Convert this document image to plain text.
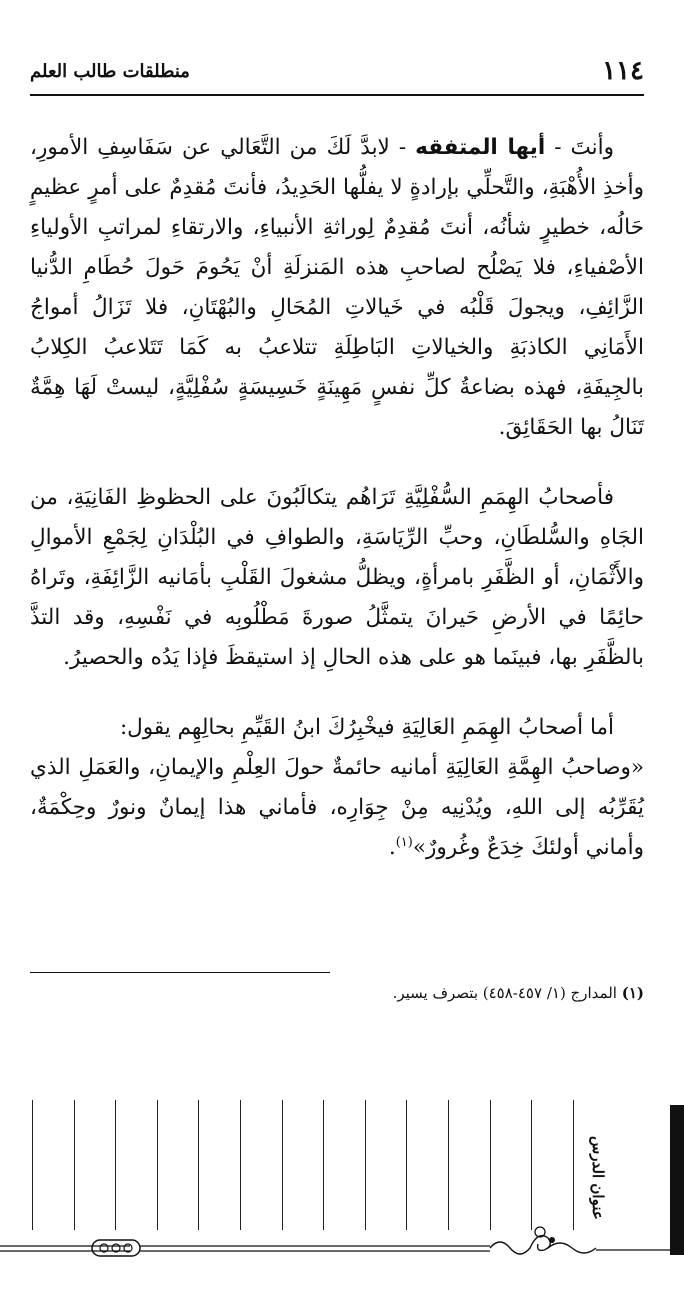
١١٤
منطلقات طالب العلم

وأنتَ - أيها المتفقه - لابدَّ لَكَ من التَّعَالي عن سَفَاسِفِ الأمورِ، وأخذِ الأُهْبَةِ، والتَّحلِّي بإرادةٍ لا يفلُّها الحَدِيدُ، فأنتَ مُقدِمٌ على أمرٍ عظيمٍ حَالُه، خطيرٍ شأنُه، أنتَ مُقدِمٌ لِوراثةِ الأنبياءِ، والارتقاءِ لمراتبِ الأولياءِ الأصْفياءِ، فلا يَصْلُح لصاحبِ هذه المَنزلَةِ أنْ يَحُومَ حَولَ حُطَامِ الدُّنيا الزَّائِفِ، ويجولَ قَلْبُه في خَيالاتِ المُحَالِ والبُهْتَانِ، فلا تَزَالُ أمواجُ الأَمَانِي الكاذبَةِ والخيالاتِ البَاطِلَةِ تتلاعبُ به كَمَا تَتَلاعبُ الكِلابُ بالجِيفَةِ، فهذه بضاعةُ كلِّ نفسٍ مَهِينَةٍ خَسِيسَةٍ سُفْلِيَّةٍ، ليستْ لَهَا هِمَّةٌ تَنَالُ بها الحَقَائِقَ.

فأصحابُ الهِمَمِ السُّفْلِيَّةِ تَرَاهُم يتكالَبُونَ على الحظوظِ الفَانِيَةِ، من الجَاهِ والسُّلطَانِ، وحبِّ الرِّيَاسَةِ، والطوافِ في البُلْدَانِ لِجَمْعِ الأموالِ والأَثْمَانِ، أو الظَّفَرِ بامرأةٍ، ويظلُّ مشغولَ القَلْبِ بأمَانيه الزَّائِفَةِ، وتَراهُ حائِمًا في الأرضِ حَيرانَ يتمثَّلُ صورةَ مَطْلُوبِه في نَفْسِهِ، وقد التذَّ بالظَّفَرِ بها، فبينَما هو على هذه الحالِ إذ استيقظَ فإذا يَدُه والحصيرُ.

أما أصحابُ الهِمَمِ العَالِيَةِ فيخْبِرُكَ ابنُ القَيِّمِ بحالِهِم يقول:
«وصاحبُ الهِمَّةِ العَالِيَةِ أمانيه حائمةٌ حولَ العِلْمِ والإيمانِ، والعَمَلِ الذي يُقَرِّبُه إلى اللهِ، ويُدْنِيه مِنْ جِوَارِه، فأماني هذا إيمانٌ ونورٌ وحِكْمَةٌ، وأماني أولئكَ خِدَعٌ وغُرورٌ»$^{(١)}$.

(١) المدارج (١/ ٤٥٧-٤٥٨) بتصرف يسير.
عنوان الدرس
